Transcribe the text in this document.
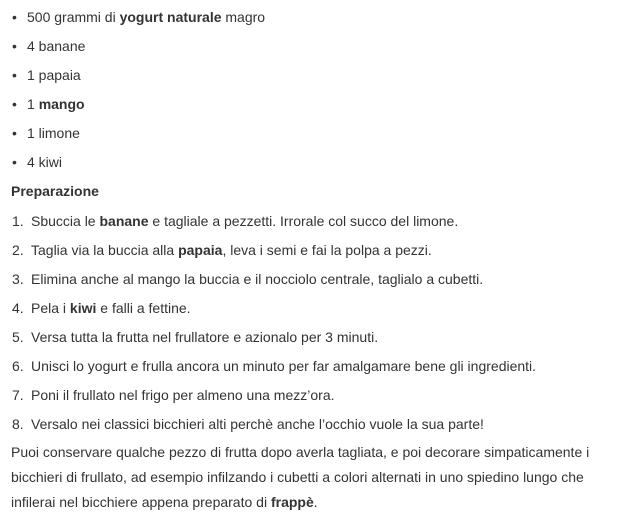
• 500 grammi di yogurt naturale magro
• 4 banane
• 1 papaia
• 1 mango
• 1 limone
• 4 kiwi
Preparazione
1. Sbuccia le banane e tagliale a pezzetti. Irrorale col succo del limone.
2. Taglia via la buccia alla papaia, leva i semi e fai la polpa a pezzi.
3. Elimina anche al mango la buccia e il nocciolo centrale, taglialo a cubetti.
4. Pela i kiwi e falli a fettine.
5. Versa tutta la frutta nel frullatore e azionalo per 3 minuti.
6. Unisci lo yogurt e frulla ancora un minuto per far amalgamare bene gli ingredienti.
7. Poni il frullato nel frigo per almeno una mezz’ora.
8. Versalo nei classici bicchieri alti perchè anche l’occhio vuole la sua parte!

Puoi conservare qualche pezzo di frutta dopo averla tagliata, e poi decorare simpaticamente i bicchieri di frullato, ad esempio infilzando i cubetti a colori alternati in uno spiedino lungo che infilerai nel bicchiere appena preparato di frappè.
